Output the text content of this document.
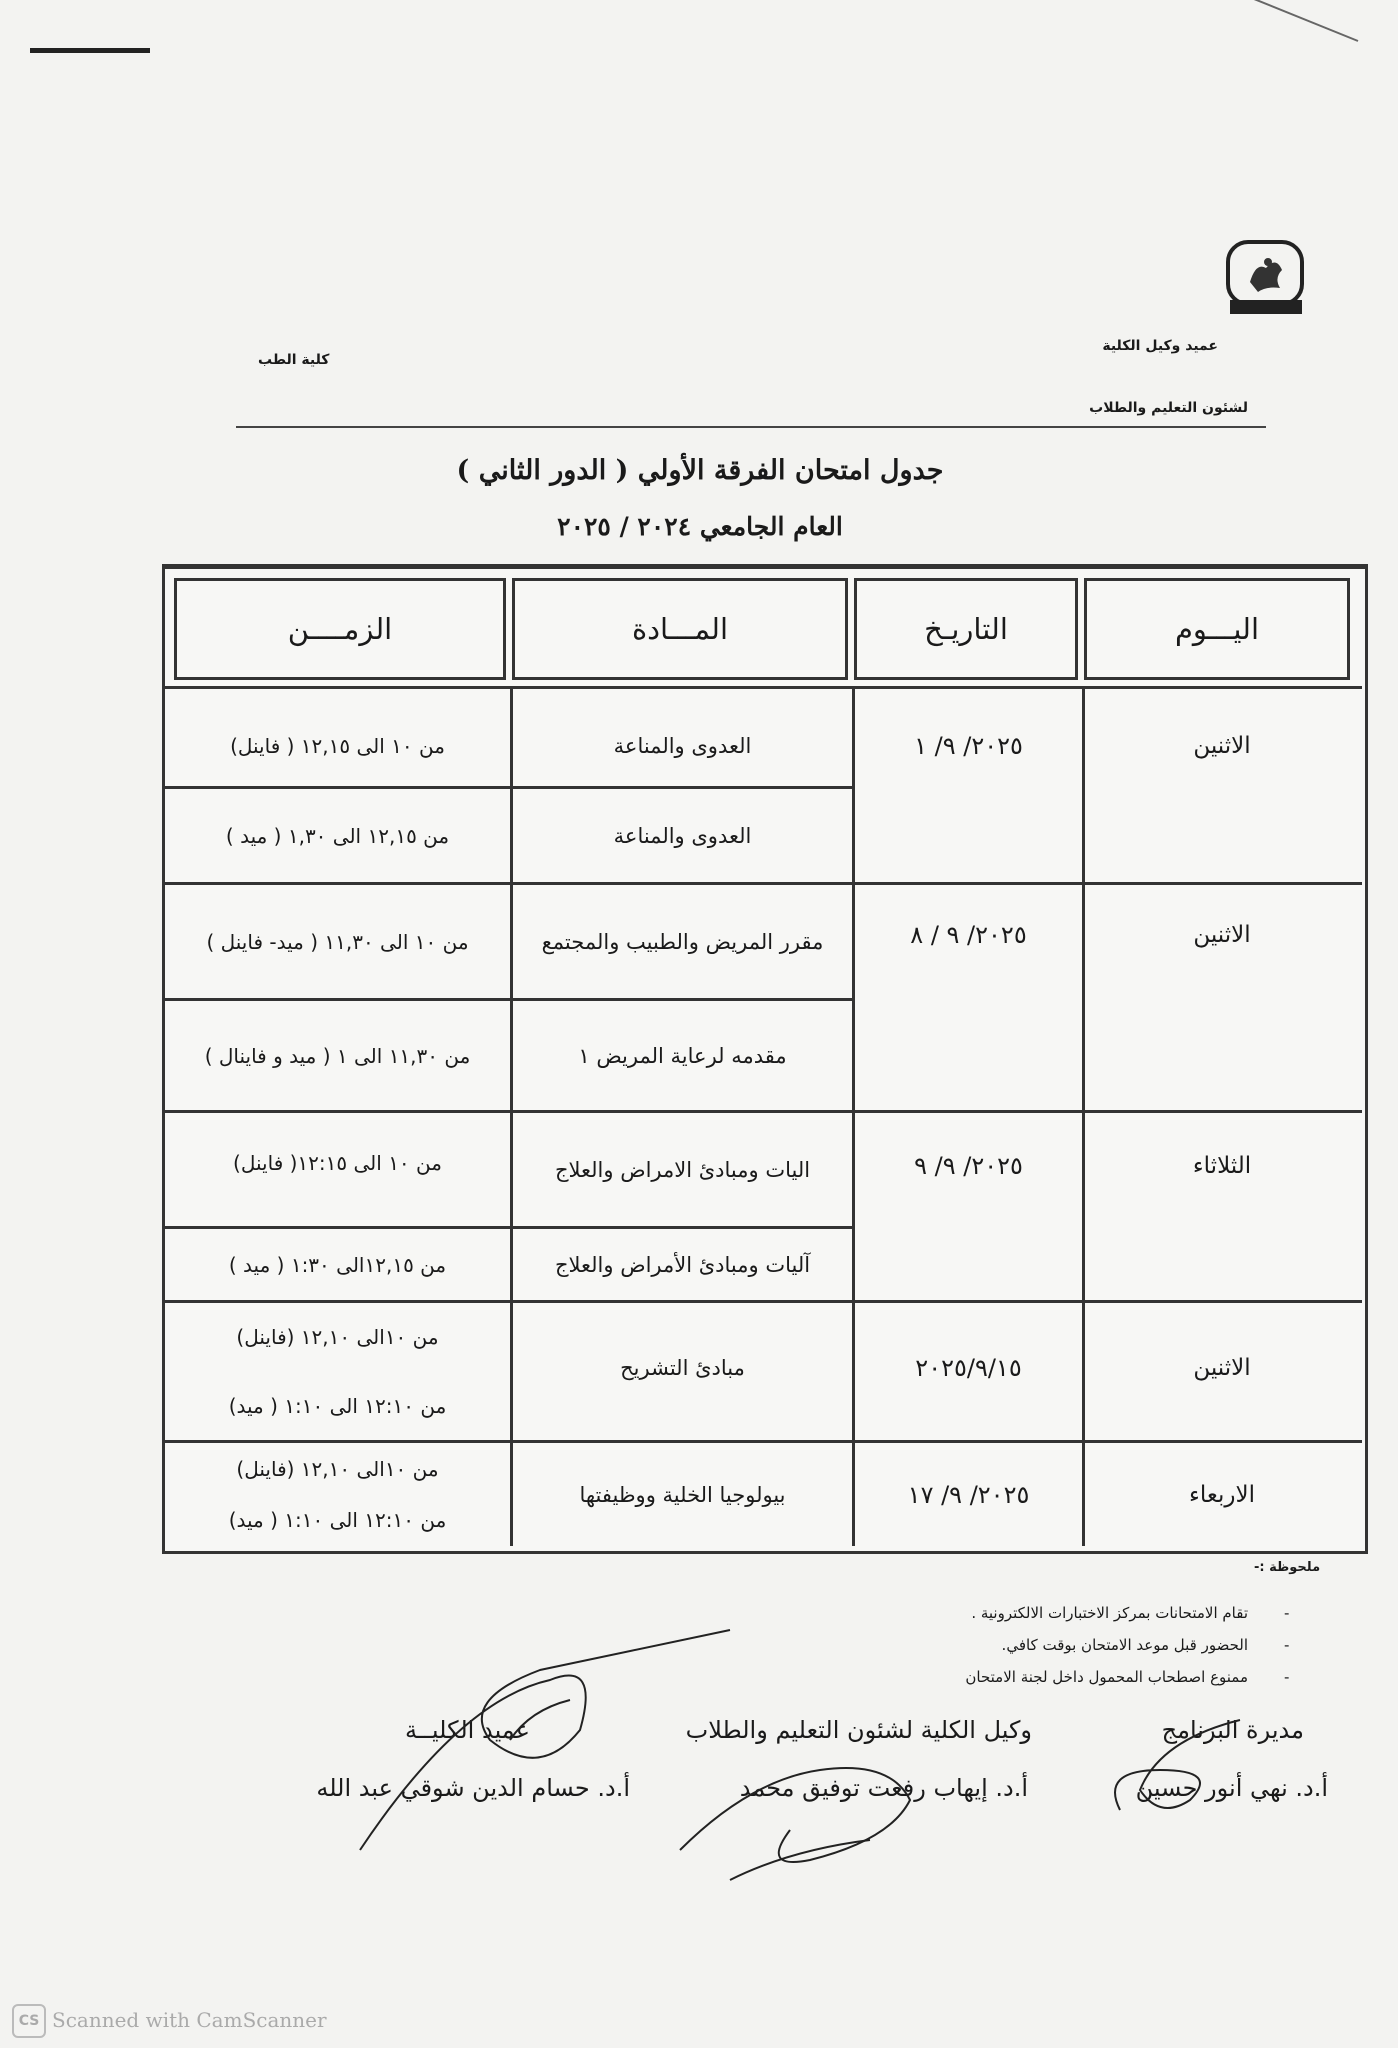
عميد وكيل الكلية
لشئون التعليم والطلاب
كلية الطب
جدول امتحان الفرقة الأولي ( الدور الثاني )
العام الجامعي ٢٠٢٤ / ٢٠٢٥
اليـــوم
التاريـخ
المـــادة
الزمــــن
الاثنين
٢٠٢٥/ ٩/ ١
العدوى والمناعة
من ١٠ الى ١٢,١٥ ( فاينل)
العدوى والمناعة
من ١٢,١٥ الى ١,٣٠ ( ميد )
الاثنين
٢٠٢٥/ ٩ / ٨
مقرر المريض والطبيب والمجتمع
من ١٠ الى ١١,٣٠ ( ميد- فاينل )
مقدمه لرعاية المريض ١
من ١١,٣٠ الى ١ ( ميد و فاينال )
الثلاثاء
٢٠٢٥/ ٩/ ٩
اليات ومبادئ الامراض والعلاج
من ١٠ الى ١٢:١٥( فاينل)
آليات ومبادئ الأمراض والعلاج
من ١٢,١٥الى ١:٣٠ ( ميد )
الاثنين
٢٠٢٥/٩/١٥
مبادئ التشريح
من ١٠الى ١٢,١٠ (فاينل)
من ١٢:١٠ الى ١:١٠ ( ميد)
الاربعاء
٢٠٢٥/ ٩/ ١٧
بيولوجيا الخلية ووظيفتها
من ١٠الى ١٢,١٠ (فاينل)
من ١٢:١٠ الى ١:١٠ ( ميد)
ملحوظة :-
-
تقام الامتحانات بمركز الاختبارات الالكترونية .
-
الحضور قبل موعد الامتحان بوقت كافي.
-
ممنوع اصطحاب المحمول داخل لجنة الامتحان
مديرة البرنامج
أ.د. نهي أنور حسين
وكيل الكلية لشئون التعليم والطلاب
أ.د. إيهاب رفعت توفيق محمد
عميد الكليــة
أ.د. حسام الدين شوقي عبد الله
CS Scanned with CamScanner
